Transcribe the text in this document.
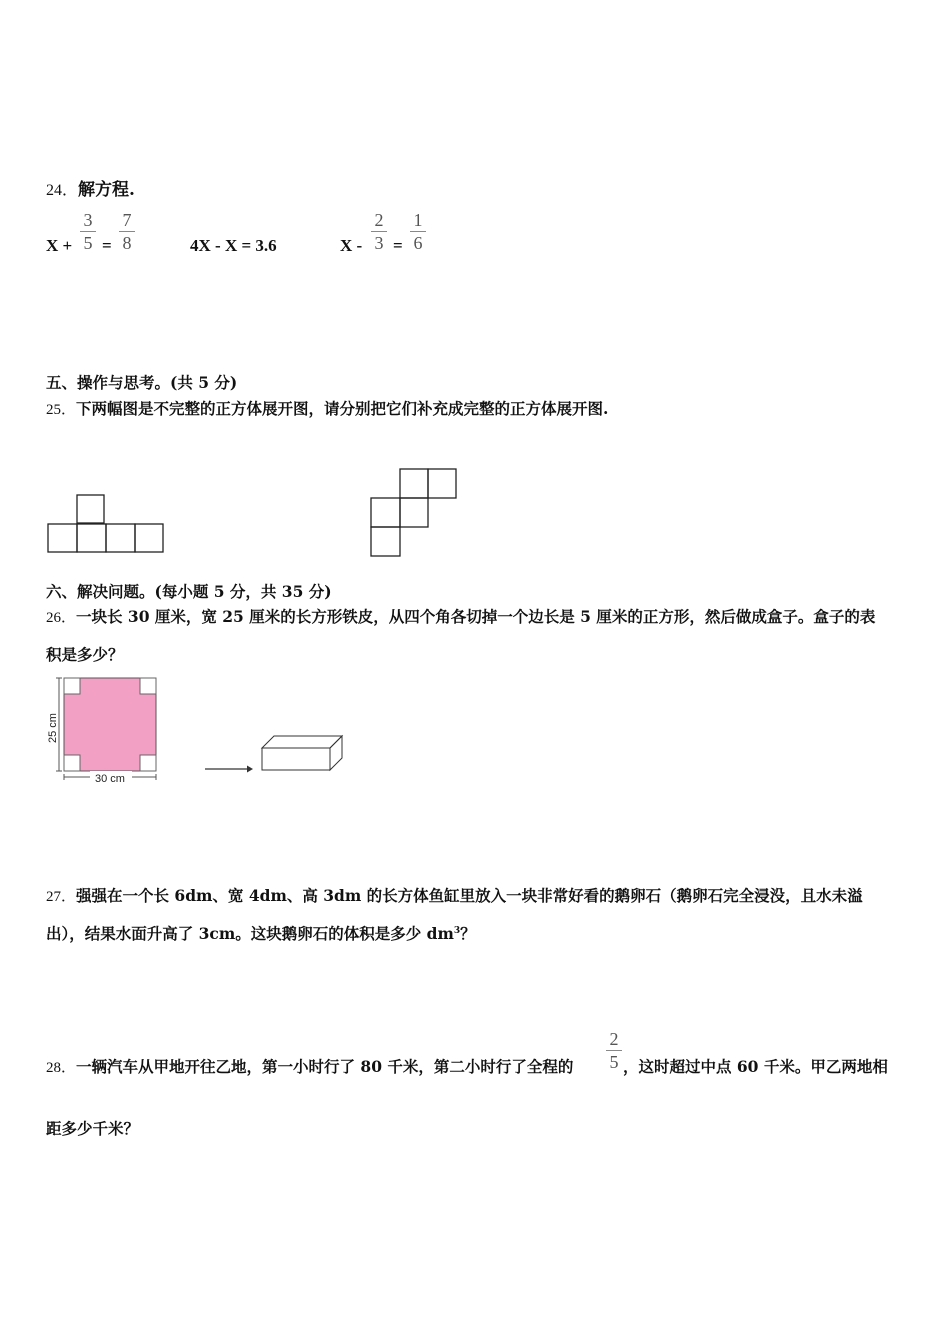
24．解方程.
X +
3
5 =
7
8	4X - X = 3.6	X -
2
3 =
1
6
五、操作与思考。(共 5 分)
25．下两幅图是不完整的正方体展开图，请分别把它们补充成完整的正方体展开图.
六、解决问题。(每小题 5 分，共 35 分)
26．一块长 30 厘米，宽 25 厘米的长方形铁皮，从四个角各切掉一个边长是 5 厘米的正方形，然后做成盒子。盒子的表
积是多少？
25 cm
30 cm
27．强强在一个长 6dm、宽 4dm、高 3dm 的长方体鱼缸里放入一块非常好看的鹅卵石（鹅卵石完全浸没，且水未溢
出），结果水面升高了 3cm。这块鹅卵石的体积是多少 $dm^3$？
28．一辆汽车从甲地开往乙地，第一小时行了 80 千米，第二小时行了全程的
2
5 ，这时超过中点 60 千米。甲乙两地相
距多少千米？
